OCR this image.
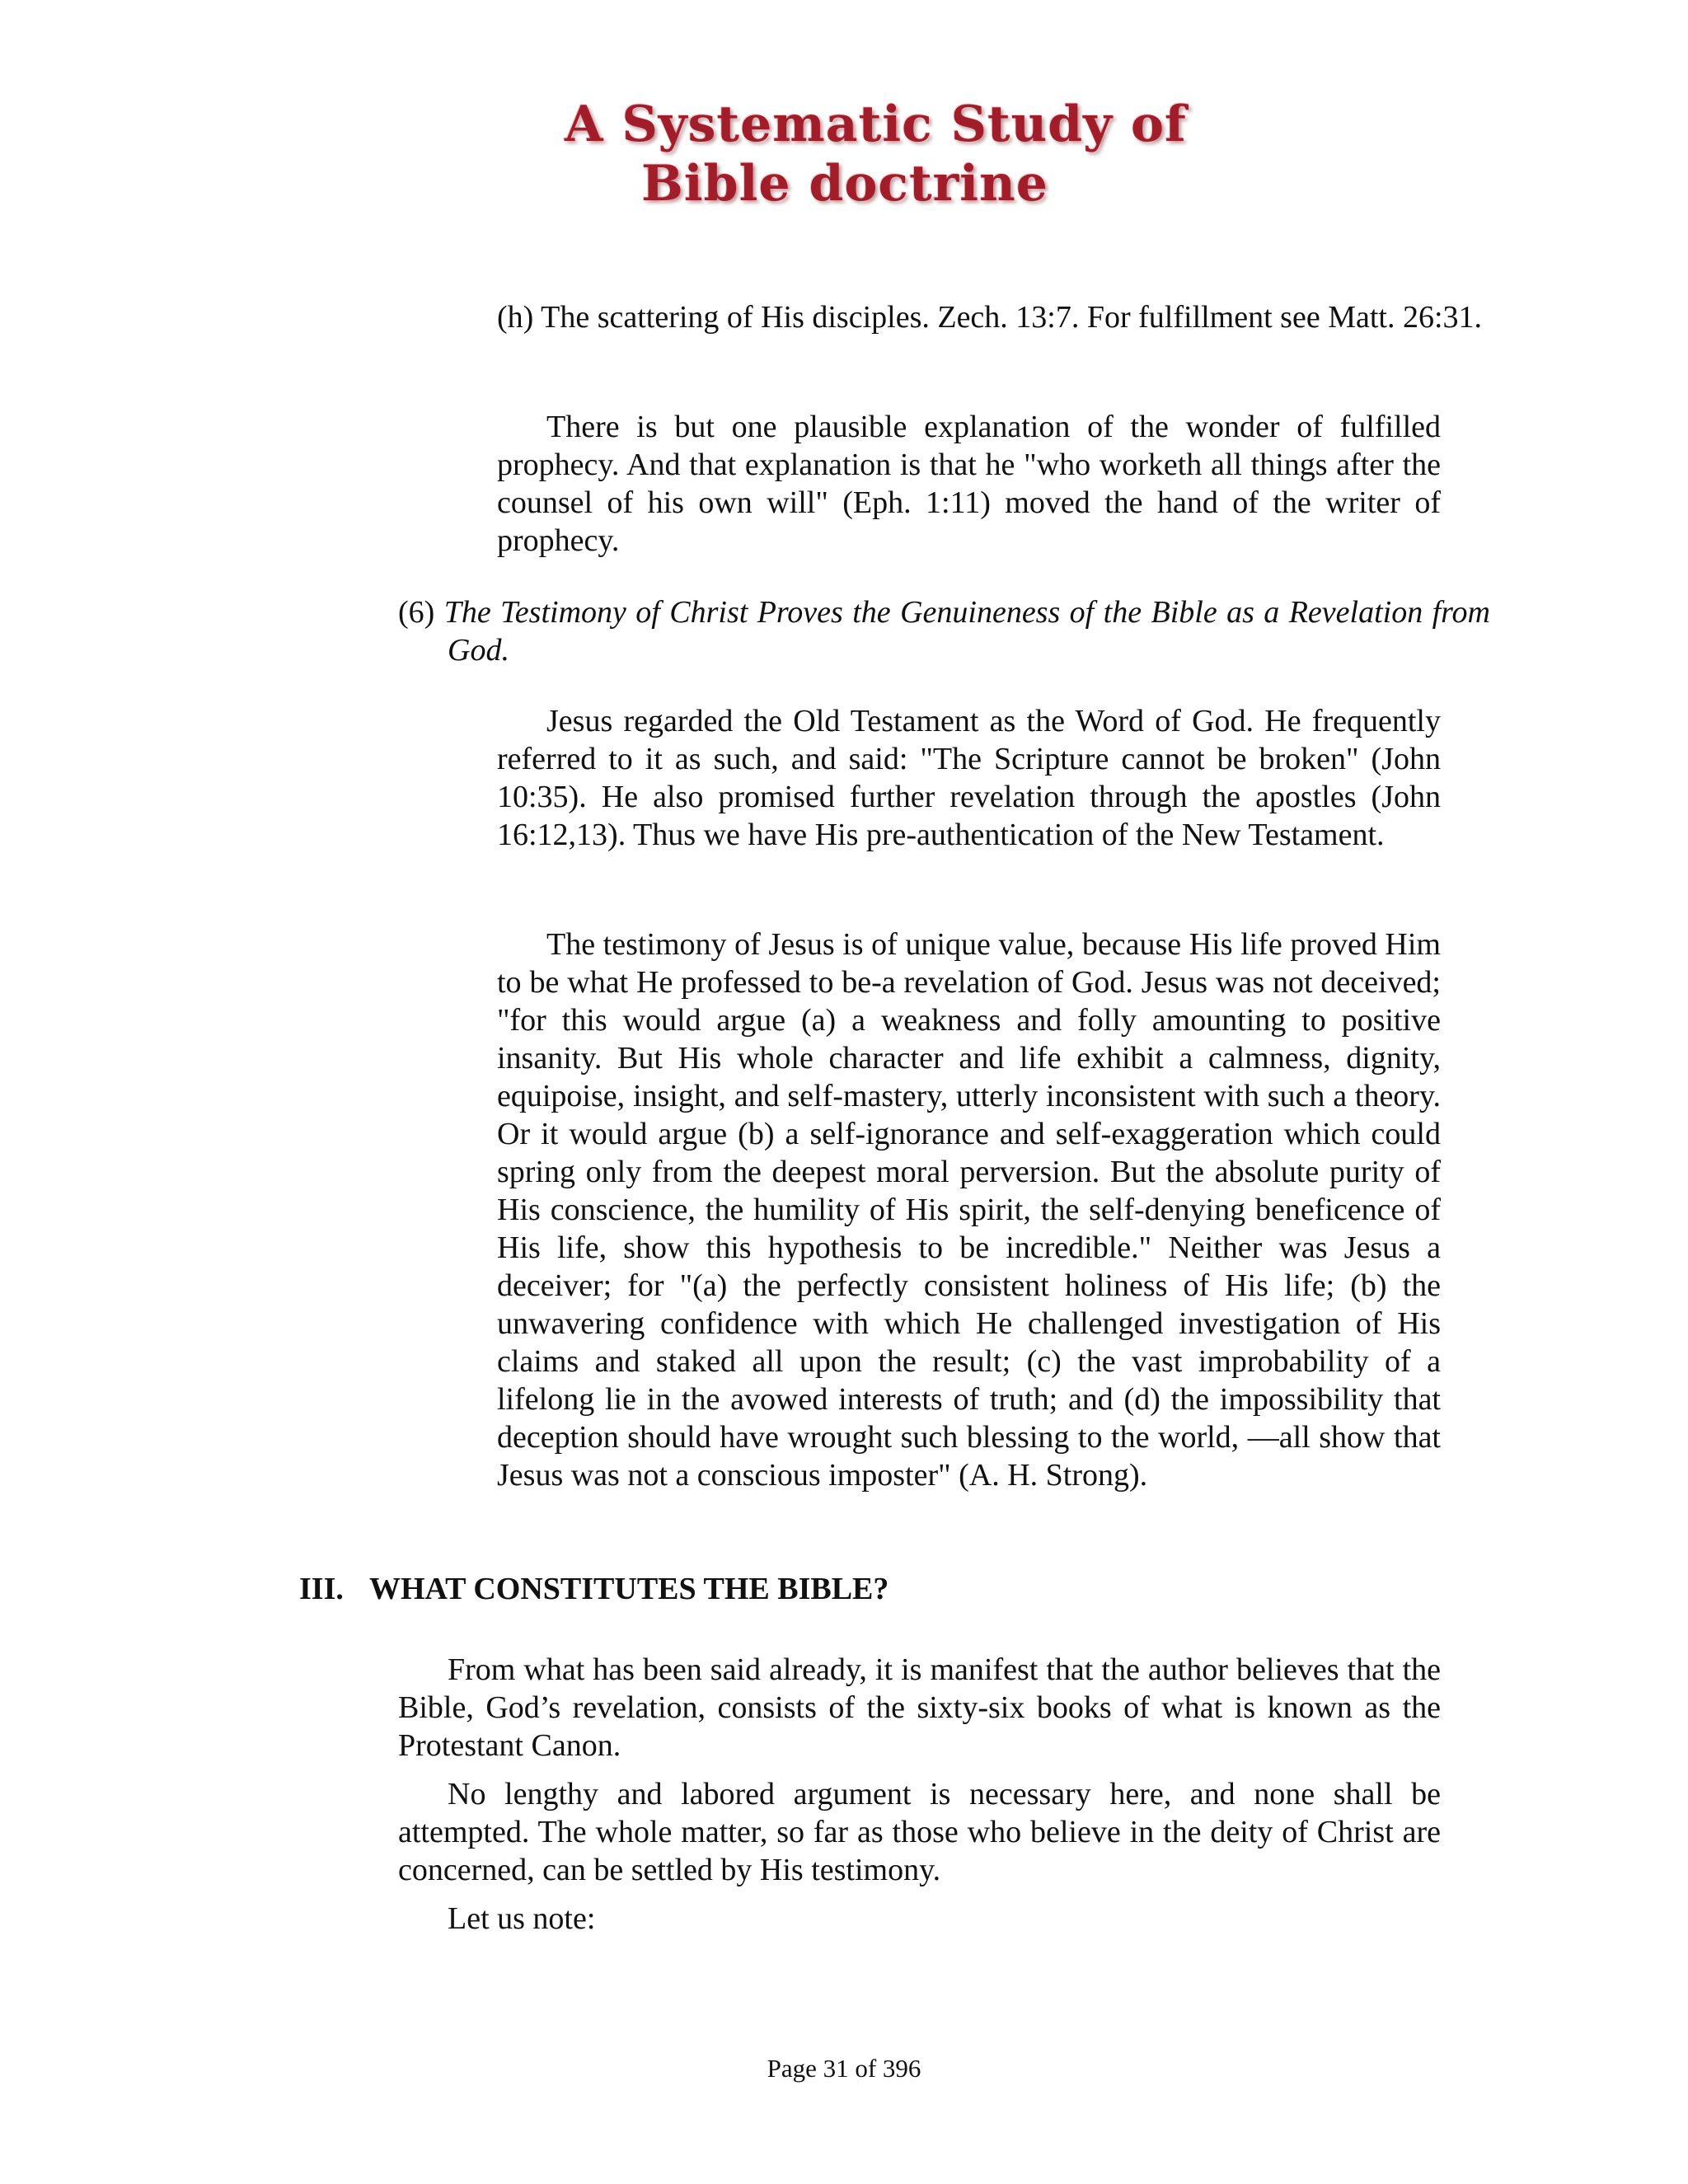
A Systematic Study of
Bible doctrine

(h) The scattering of His disciples. Zech. 13:7. For fulfillment see Matt. 26:31.

There is but one plausible explanation of the wonder of fulfilled prophecy. And that explanation is that he "who worketh all things after the counsel of his own will" (Eph. 1:11) moved the hand of the writer of prophecy.

(6) The Testimony of Christ Proves the Genuineness of the Bible as a Revelation from God.

Jesus regarded the Old Testament as the Word of God. He frequently referred to it as such, and said: "The Scripture cannot be broken" (John 10:35). He also promised further revelation through the apostles (John 16:12,13). Thus we have His pre-authentication of the New Testament.

The testimony of Jesus is of unique value, because His life proved Him to be what He professed to be-a revelation of God. Jesus was not deceived; "for this would argue (a) a weakness and folly amounting to positive insanity. But His whole character and life exhibit a calmness, dignity, equipoise, insight, and self-mastery, utterly inconsistent with such a theory. Or it would argue (b) a self-ignorance and self-exaggeration which could spring only from the deepest moral perversion. But the absolute purity of His conscience, the humility of His spirit, the self-denying beneficence of His life, show this hypothesis to be incredible." Neither was Jesus a deceiver; for "(a) the perfectly consistent holiness of His life; (b) the unwavering confidence with which He challenged investigation of His claims and staked all upon the result; (c) the vast improbability of a lifelong lie in the avowed interests of truth; and (d) the impossibility that deception should have wrought such blessing to the world, —all show that Jesus was not a conscious imposter" (A. H. Strong).

III. WHAT CONSTITUTES THE BIBLE?

From what has been said already, it is manifest that the author believes that the Bible, God’s revelation, consists of the sixty-six books of what is known as the Protestant Canon.

No lengthy and labored argument is necessary here, and none shall be attempted. The whole matter, so far as those who believe in the deity of Christ are concerned, can be settled by His testimony.

Let us note:

Page 31 of 396
